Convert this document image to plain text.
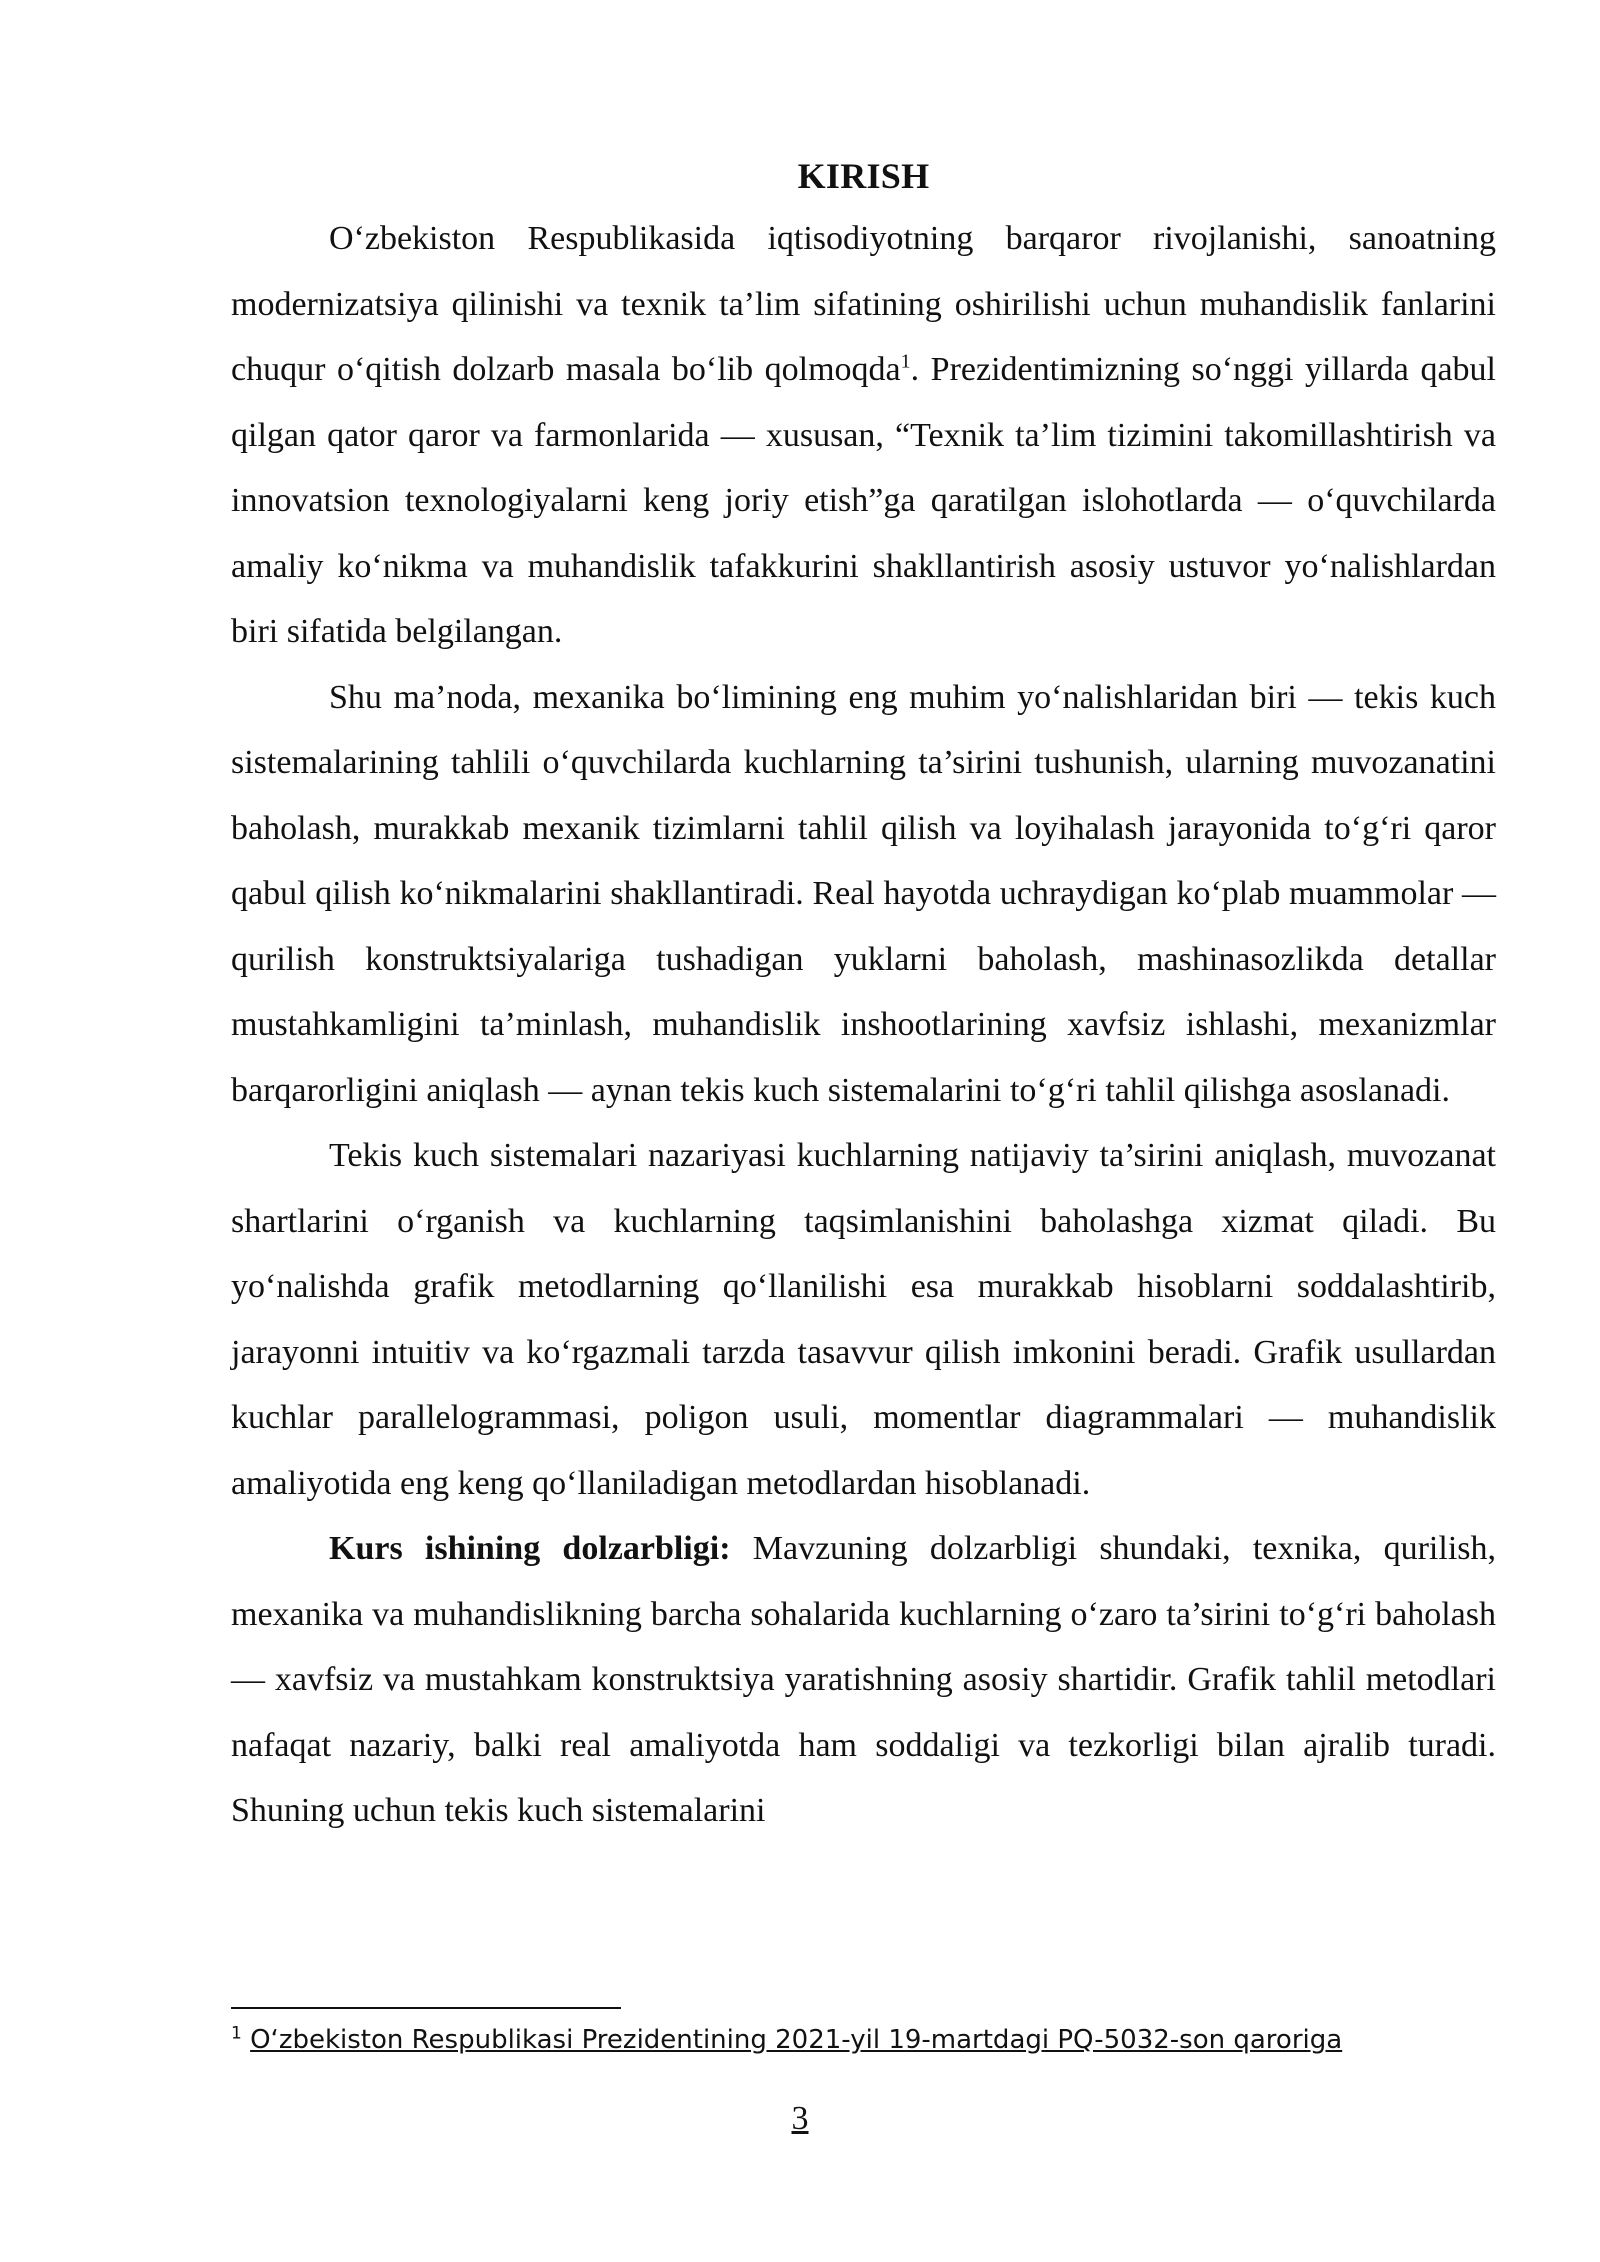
KIRISH

O‘zbekiston Respublikasida iqtisodiyotning barqaror rivojlanishi, sanoatning modernizatsiya qilinishi va texnik ta’lim sifatining oshirilishi uchun muhandislik fanlarini chuqur o‘qitish dolzarb masala bo‘lib qolmoqda$^1$. Prezidentimizning so‘nggi yillarda qabul qilgan qator qaror va farmonlarida — xususan, “Texnik ta’lim tizimini takomillashtirish va innovatsion texnologiyalarni keng joriy etish”ga qaratilgan islohotlarda — o‘quvchilarda amaliy ko‘nikma va muhandislik tafakkurini shakllantirish asosiy ustuvor yo‘nalishlardan biri sifatida belgilangan.

Shu ma’noda, mexanika bo‘limining eng muhim yo‘nalishlaridan biri — tekis kuch sistemalarining tahlili o‘quvchilarda kuchlarning ta’sirini tushunish, ularning muvozanatini baholash, murakkab mexanik tizimlarni tahlil qilish va loyihalash jarayonida to‘g‘ri qaror qabul qilish ko‘nikmalarini shakllantiradi. Real hayotda uchraydigan ko‘plab muammolar — qurilish konstruktsiyalariga tushadigan yuklarni baholash, mashinasozlikda detallar mustahkamligini ta’minlash, muhandislik inshootlarining xavfsiz ishlashi, mexanizmlar barqarorligini aniqlash — aynan tekis kuch sistemalarini to‘g‘ri tahlil qilishga asoslanadi.

Tekis kuch sistemalari nazariyasi kuchlarning natijaviy ta’sirini aniqlash, muvozanat shartlarini o‘rganish va kuchlarning taqsimlanishini baholashga xizmat qiladi. Bu yo‘nalishda grafik metodlarning qo‘llanilishi esa murakkab hisoblarni soddalashtirib, jarayonni intuitiv va ko‘rgazmali tarzda tasavvur qilish imkonini beradi. Grafik usullardan kuchlar parallelogrammasi, poligon usuli, momentlar diagrammalari — muhandislik amaliyotida eng keng qo‘llaniladigan metodlardan hisoblanadi.

Kurs ishining dolzarbligi: Mavzuning dolzarbligi shundaki, texnika, qurilish, mexanika va muhandislikning barcha sohalarida kuchlarning o‘zaro ta’sirini to‘g‘ri baholash — xavfsiz va mustahkam konstruktsiya yaratishning asosiy shartidir. Grafik tahlil metodlari nafaqat nazariy, balki real amaliyotda ham soddaligi va tezkorligi bilan ajralib turadi. Shuning uchun tekis kuch sistemalarini

$^1$ O‘zbekiston Respublikasi Prezidentining 2021-yil 19-martdagi PQ-5032-son qaroriga
3
